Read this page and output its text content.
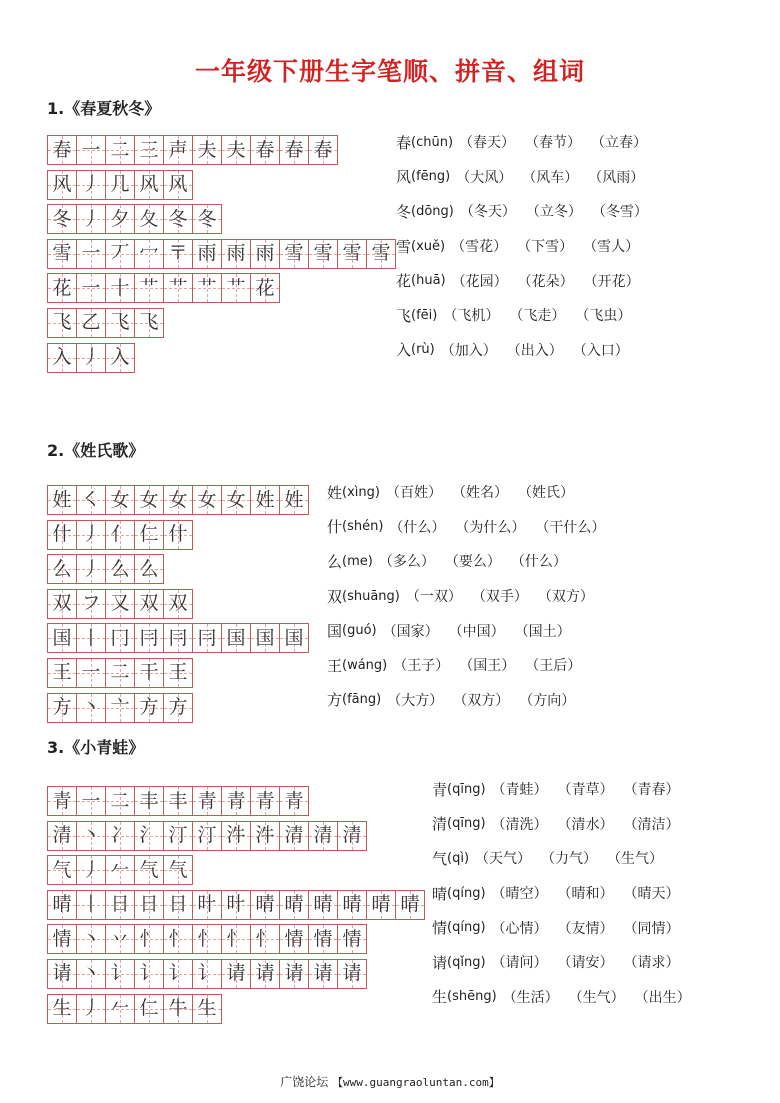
一年级下册生字笔顺、拼音、组词
1.《春夏秋冬》
春 一 二 三 声 夫 夫 春 春 春
风 丿 几 风 风
冬 丿 夕 夂 冬 冬
雪 一 丆 冖 〒 雨 雨 雨 雪 雪 雪 雪
花 一 十 艹 艹 艹 艹 花
飞 乙 飞 飞
入 丿 入
春 (chūn) （春天） （春节） （立春）
风 (fēng) （大风） （风车） （风雨）
冬 (dōng) （冬天） （立冬） （冬雪）
雪 (xuě) （雪花） （下雪） （雪人）
花 (huā) （花园） （花朵） （开花）
飞 (fēi) （飞机） （飞走） （飞虫）
入 (rù) （加入） （出入） （入口）
2.《姓氏歌》
姓 ㇛ 女 女 女 女 女 姓 姓
什 丿 亻 仁 什
么 丿 么 么
双 フ 又 双 双
国 丨 冂 冃 冃 冃 国 国 国
王 一 二 干 王
方 丶 亠 方 方
姓 (xìng) （百姓） （姓名） （姓氏）
什 (shén) （什么） （为什么） （干什么）
么 (me) （多么） （要么） （什么）
双 (shuāng) （一双） （双手） （双方）
国 (guó) （国家） （中国） （国土）
王 (wáng) （王子） （国王） （王后）
方 (fāng) （大方） （双方） （方向）
3.《小青蛙》
青 一 二 丰 丰 青 青 青 青
清 丶 冫 氵 汀 汀 汼 汼 清 清 清
气 丿 𠂉 气 气
晴 丨 日 日 日 旪 旪 晴 晴 晴 晴 晴 晴
情 丶 丷 忄 忄 忄 忄 忄 情 情 情
请 丶 讠 讠 讠 讠 请 请 请 请 请
生 丿 𠂉 仁 牛 生
青 (qīng) （青蛙） （青草） （青春）
清 (qīng) （清洗） （清水） （清洁）
气 (qì) （天气） （力气） （生气）
晴 (qíng) （晴空） （晴和） （晴天）
情 (qíng) （心情） （友情） （同情）
请 (qǐng) （请问） （请安） （请求）
生 (shēng) （生活） （生气） （出生）
广饶论坛 【www.guangraoluntan.com】
